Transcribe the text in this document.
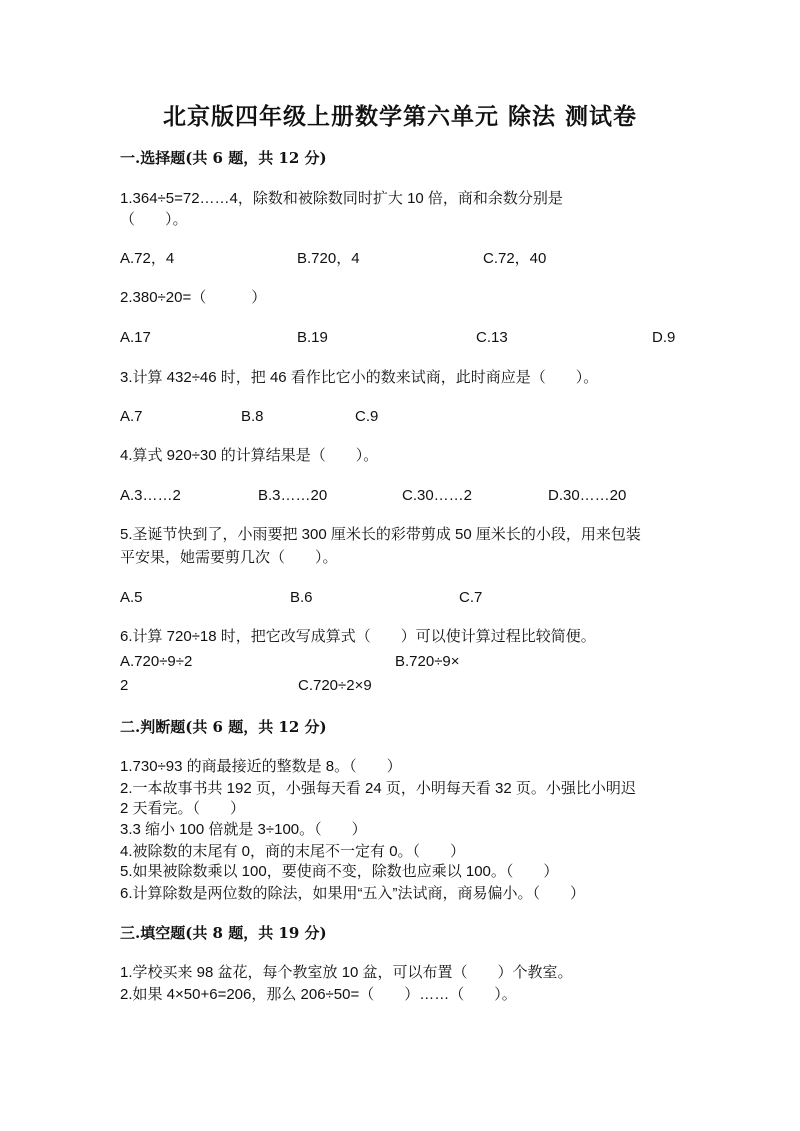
北京版四年级上册数学第六单元 除法 测试卷
一.选择题(共 6 题，共 12 分)
1.364÷5=72……4，除数和被除数同时扩大 10 倍，商和余数分别是
（　　）。
A.72，4	B.720，4	C.72，40
2.380÷20=（　　　）
A.17	B.19	C.13	D.9
3.计算 432÷46 时，把 46 看作比它小的数来试商，此时商应是（　　）。
A.7	B.8	C.9
4.算式 920÷30 的计算结果是（　　）。
A.3……2	B.3……20	C.30……2	D.30……20
5.圣诞节快到了，小雨要把 300 厘米长的彩带剪成 50 厘米长的小段，用来包装
平安果，她需要剪几次（　　）。
A.5	B.6	C.7
6.计算 720÷18 时，把它改写成算式（　　）可以使计算过程比较简便。
A.720÷9÷2	B.720÷9×
2	C.720÷2×9
二.判断题(共 6 题，共 12 分)
1.730÷93 的商最接近的整数是 8。（　　）
2.一本故事书共 192 页，小强每天看 24 页，小明每天看 32 页。小强比小明迟
2 天看完。（　　）
3.3 缩小 100 倍就是 3÷100。（　　）
4.被除数的末尾有 0，商的末尾不一定有 0。（　　）
5.如果被除数乘以 100，要使商不变，除数也应乘以 100。（　　）
6.计算除数是两位数的除法，如果用“五入”法试商，商易偏小。（　　）
三.填空题(共 8 题，共 19 分)
1.学校买来 98 盆花，每个教室放 10 盆，可以布置（　　）个教室。
2.如果 4×50+6=206，那么 206÷50=（　　）……（　　）。
